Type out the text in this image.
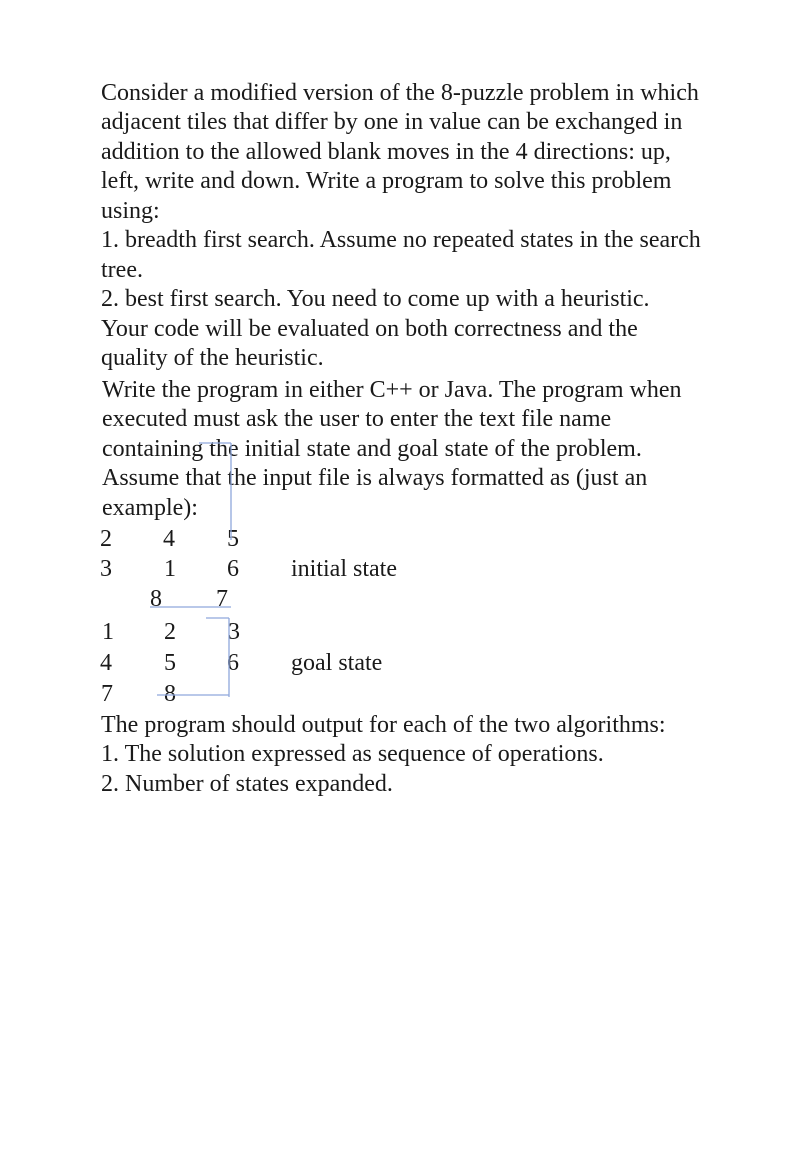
Consider a modified version of the 8-puzzle problem in which
adjacent tiles that differ by one in value can be exchanged in
addition to the allowed blank moves in the 4 directions: up,
left, write and down. Write a program to solve this problem
using:
1. breadth first search. Assume no repeated states in the search
tree.
2. best first search. You need to come up with a heuristic.
Your code will be evaluated on both correctness and the
quality of the heuristic.
Write the program in either C++ or Java. The program when
executed must ask the user to enter the text file name
containing the initial state and goal state of the problem.
Assume that the input file is always formatted as (just an
example):
2 4 5
3 1 6
8 7
initial state
1 2 3
4 5 6
7 8
goal state
The program should output for each of the two algorithms:
1. The solution expressed as sequence of operations.
2. Number of states expanded.
